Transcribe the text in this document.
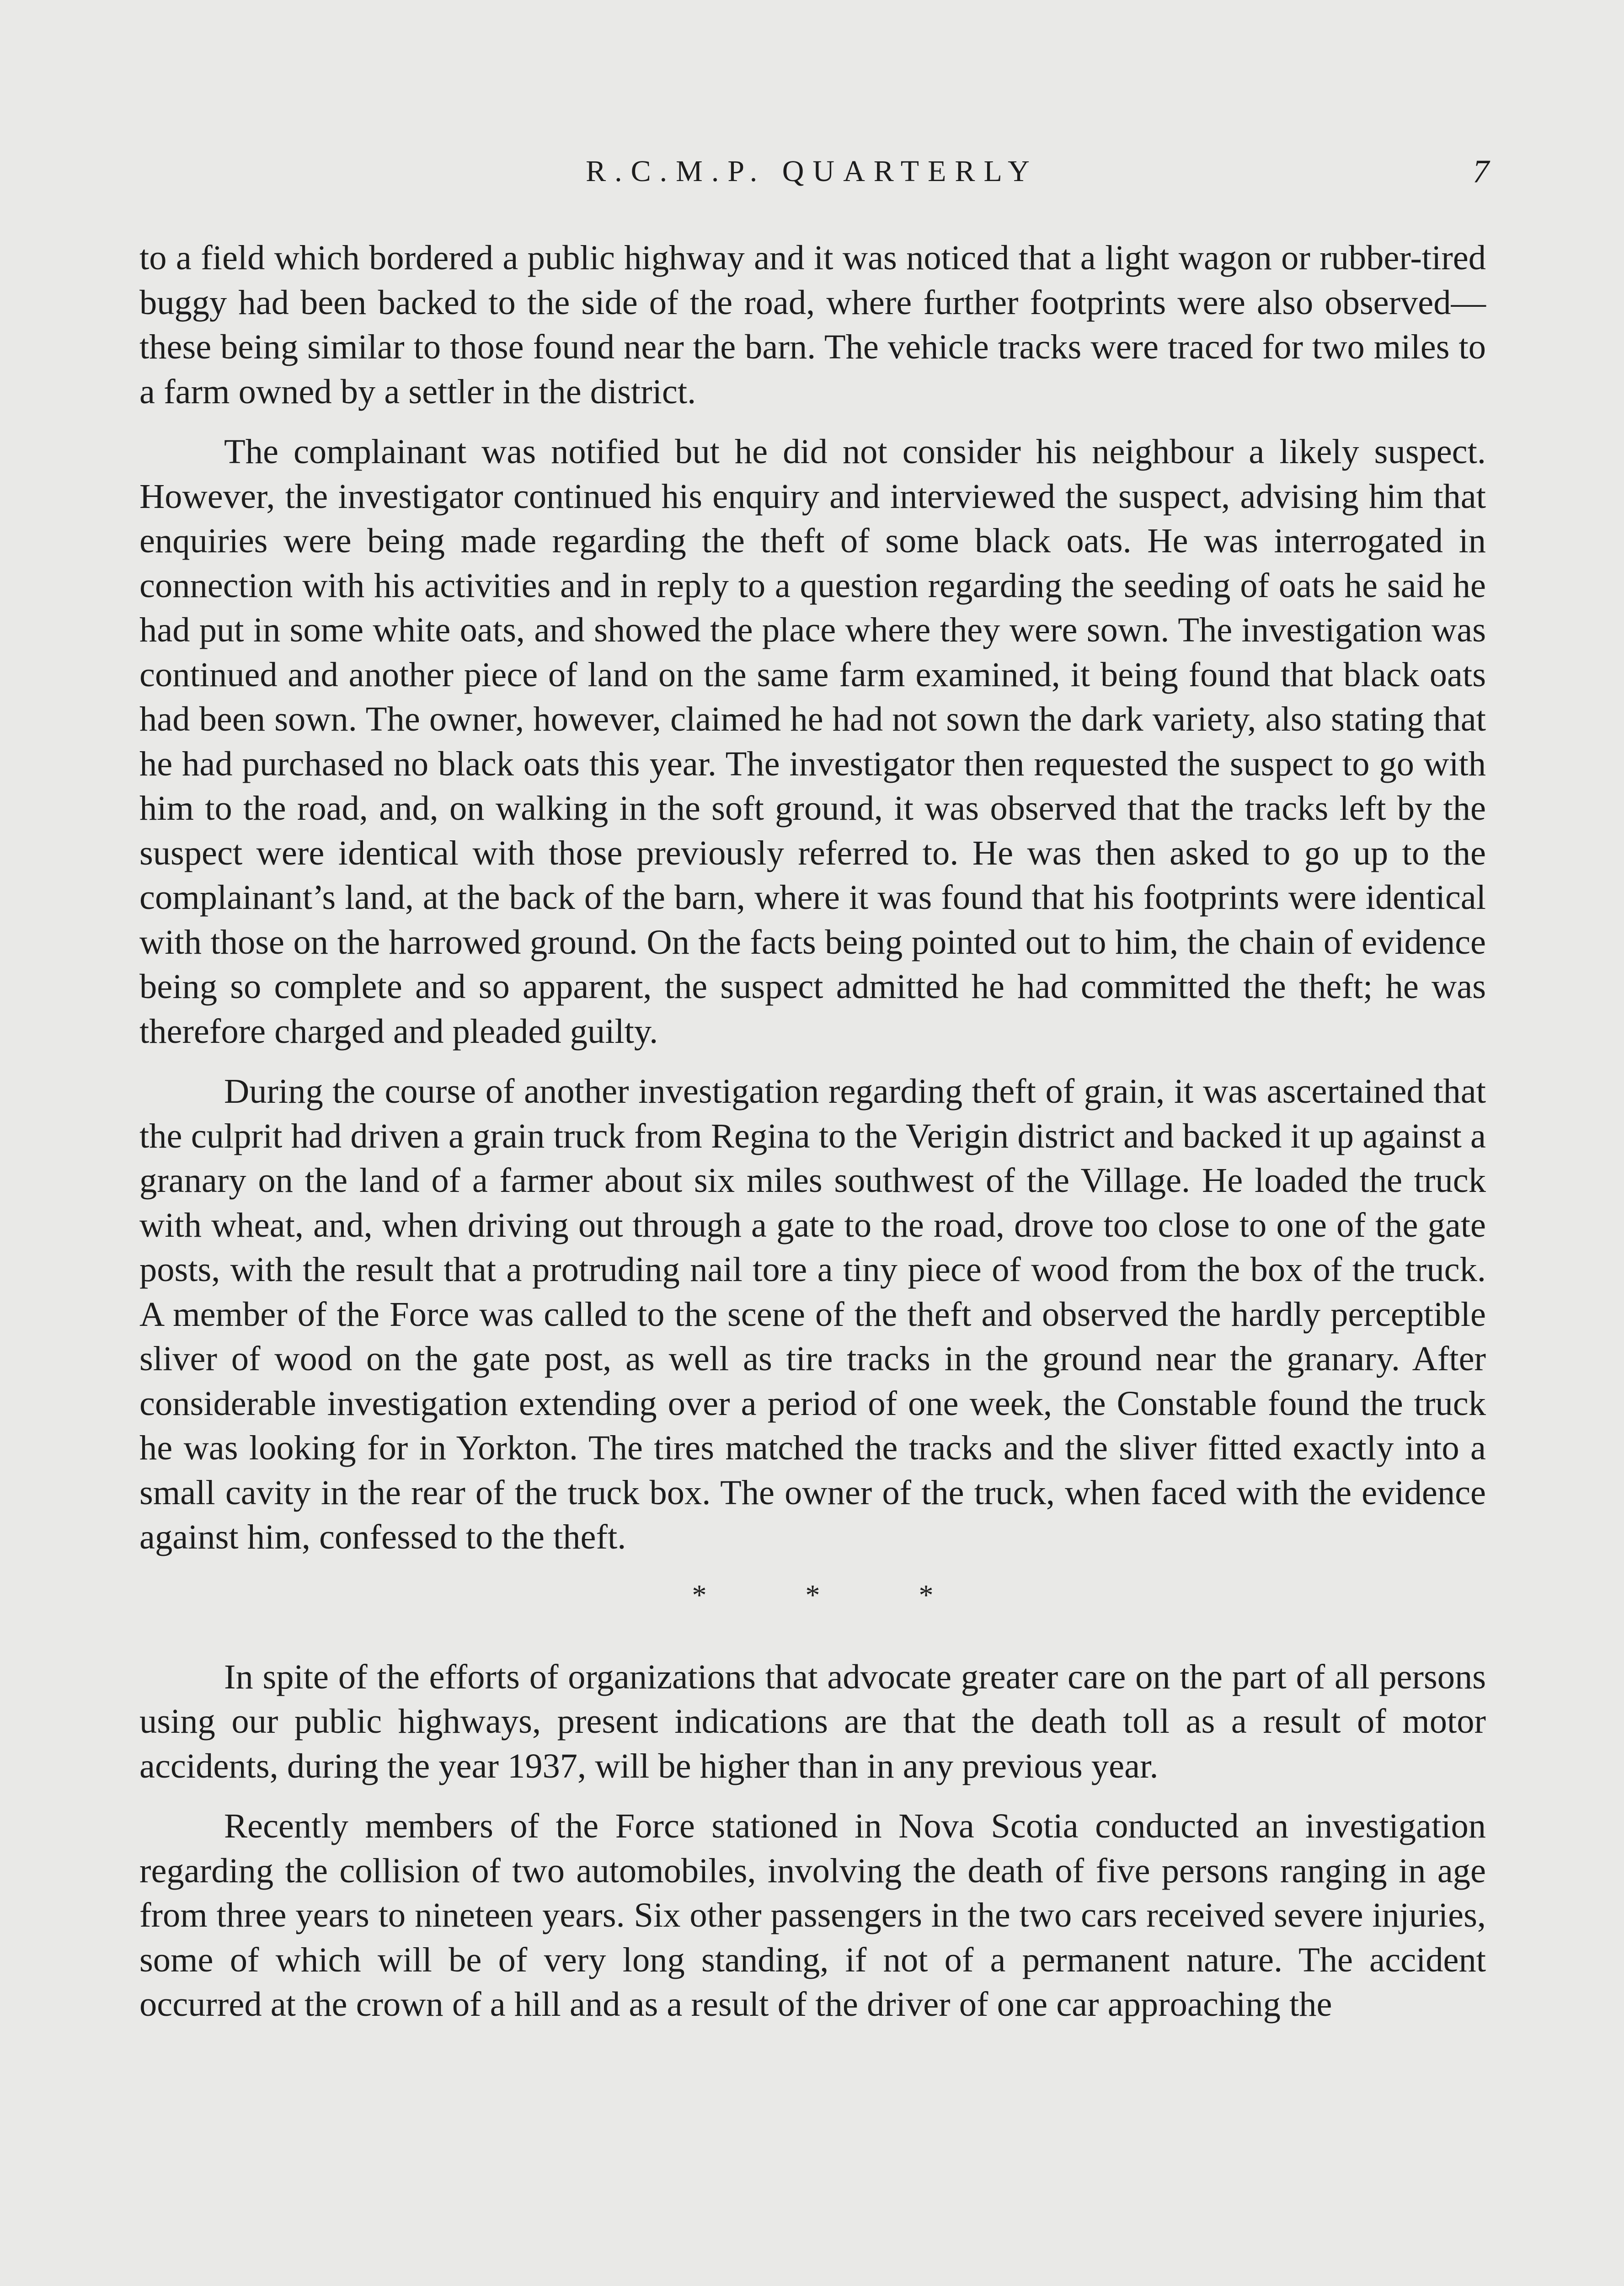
R.C.M.P. QUARTERLY	7

to a field which bordered a public highway and it was noticed that a light wagon or rubber-tired buggy had been backed to the side of the road, where further footprints were also observed—these being similar to those found near the barn. The vehicle tracks were traced for two miles to a farm owned by a settler in the district.

The complainant was notified but he did not consider his neighbour a likely suspect. However, the investigator continued his enquiry and interviewed the suspect, advising him that enquiries were being made regarding the theft of some black oats. He was interrogated in connection with his activities and in reply to a question regarding the seeding of oats he said he had put in some white oats, and showed the place where they were sown. The investigation was continued and another piece of land on the same farm examined, it being found that black oats had been sown. The owner, however, claimed he had not sown the dark variety, also stating that he had purchased no black oats this year. The investigator then requested the suspect to go with him to the road, and, on walking in the soft ground, it was observed that the tracks left by the suspect were identical with those previously referred to. He was then asked to go up to the complainant’s land, at the back of the barn, where it was found that his footprints were identical with those on the harrowed ground. On the facts being pointed out to him, the chain of evidence being so complete and so apparent, the suspect admitted he had committed the theft; he was therefore charged and pleaded guilty.

During the course of another investigation regarding theft of grain, it was ascertained that the culprit had driven a grain truck from Regina to the Verigin district and backed it up against a granary on the land of a farmer about six miles southwest of the Village. He loaded the truck with wheat, and, when driving out through a gate to the road, drove too close to one of the gate posts, with the result that a protruding nail tore a tiny piece of wood from the box of the truck. A member of the Force was called to the scene of the theft and observed the hardly perceptible sliver of wood on the gate post, as well as tire tracks in the ground near the granary. After considerable investigation extending over a period of one week, the Constable found the truck he was looking for in Yorkton. The tires matched the tracks and the sliver fitted exactly into a small cavity in the rear of the truck box. The owner of the truck, when faced with the evidence against him, confessed to the theft.

*	*	*

In spite of the efforts of organizations that advocate greater care on the part of all persons using our public highways, present indications are that the death toll as a result of motor accidents, during the year 1937, will be higher than in any previous year.

Recently members of the Force stationed in Nova Scotia conducted an investigation regarding the collision of two automobiles, involving the death of five persons ranging in age from three years to nineteen years. Six other passengers in the two cars received severe injuries, some of which will be of very long standing, if not of a permanent nature. The accident occurred at the crown of a hill and as a result of the driver of one car approaching the
